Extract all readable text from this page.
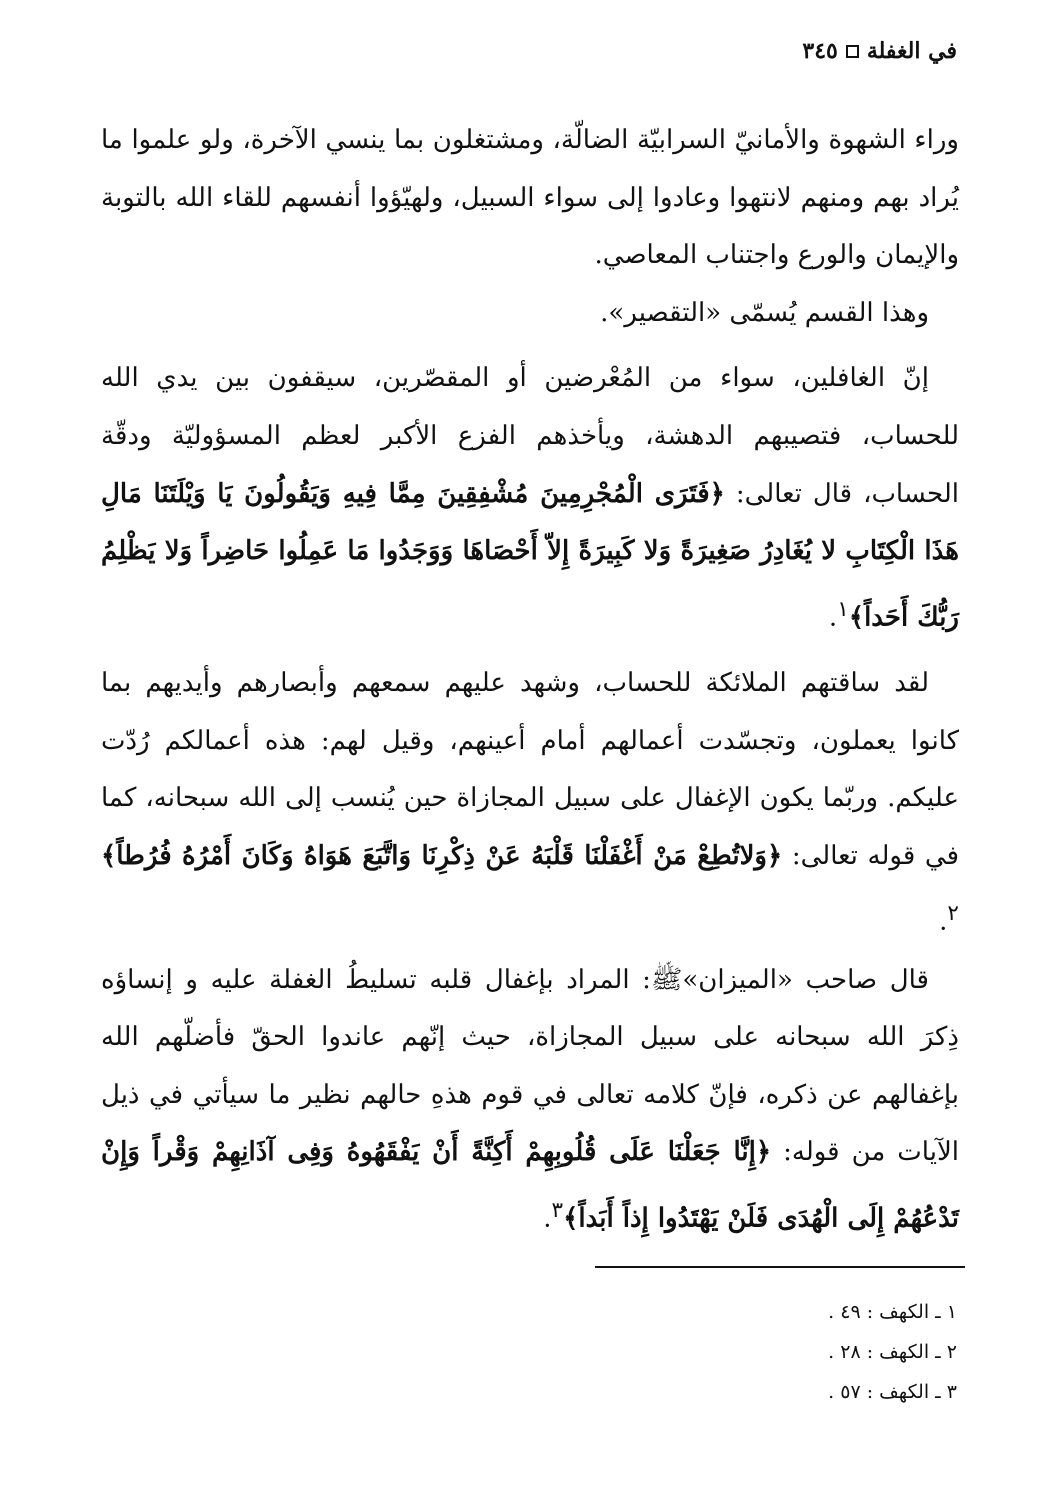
في الغفلة
٣٤٥

وراء الشهوة والأمانيّ السرابيّة الضالّة، ومشتغلون بما ينسي الآخرة، ولو علموا ما يُراد بهم ومنهم لانتهوا وعادوا إلى سواء السبيل، ولهيّؤوا أنفسهم للقاء الله بالتوبة والإيمان والورع واجتناب المعاصي.

وهذا القسم يُسمّى «التقصير».

إنّ الغافلين، سواء من المُعْرضين أو المقصّرين، سيقفون بين يدي الله للحساب، فتصيبهم الدهشة، ويأخذهم الفزع الأكبر لعظم المسؤوليّة ودقّة الحساب، قال تعالى: ﴿فَتَرَى الْمُجْرِمِينَ مُشْفِقِينَ مِمَّا فِيهِ وَيَقُولُونَ يَا وَيْلَتَنَا مَالِ هَذَا الْكِتَابِ لا يُغَادِرُ صَغِيرَةً وَلا كَبِيرَةً إِلاّ أَحْصَاهَا وَوَجَدُوا مَا عَمِلُوا حَاضِراً وَلا يَظْلِمُ رَبُّكَ أَحَداً﴾$^١$.

لقد ساقتهم الملائكة للحساب، وشهد عليهم سمعهم وأبصارهم وأيديهم بما كانوا يعملون، وتجسّدت أعمالهم أمام أعينهم، وقيل لهم: هذه أعمالكم رُدّت عليكم. وربّما يكون الإغفال على سبيل المجازاة حين يُنسب إلى الله سبحانه، كما في قوله تعالى: ﴿وَلاتُطِعْ مَنْ أَغْفَلْنَا قَلْبَهُ عَنْ ذِكْرِنَا وَاتَّبَعَ هَوَاهُ وَكَانَ أَمْرُهُ فُرُطاً﴾$^٢$.

قال صاحب «الميزان»ﷺ: المراد بإغفال قلبه تسليطُ الغفلة عليه و إنساؤه ذِكرَ الله سبحانه على سبيل المجازاة، حيث إنّهم عاندوا الحقّ فأضلّهم الله بإغفالهم عن ذكره، فإنّ كلامه تعالى في قوم هذهِ حالهم نظير ما سيأتي في ذيل الآيات من قوله: ﴿إِنَّا جَعَلْنَا عَلَى قُلُوبِهِمْ أَكِنَّةً أَنْ يَفْقَهُوهُ وَفِى آذَانِهِمْ وَقْراً وَإِنْ تَدْعُهُمْ إِلَى الْهُدَى فَلَنْ يَهْتَدُوا إِذاً أَبَداً﴾$^٣$.

١ ـ الكهف : ٤٩ .
٢ ـ الكهف : ٢٨ .
٣ ـ الكهف : ٥٧ .
